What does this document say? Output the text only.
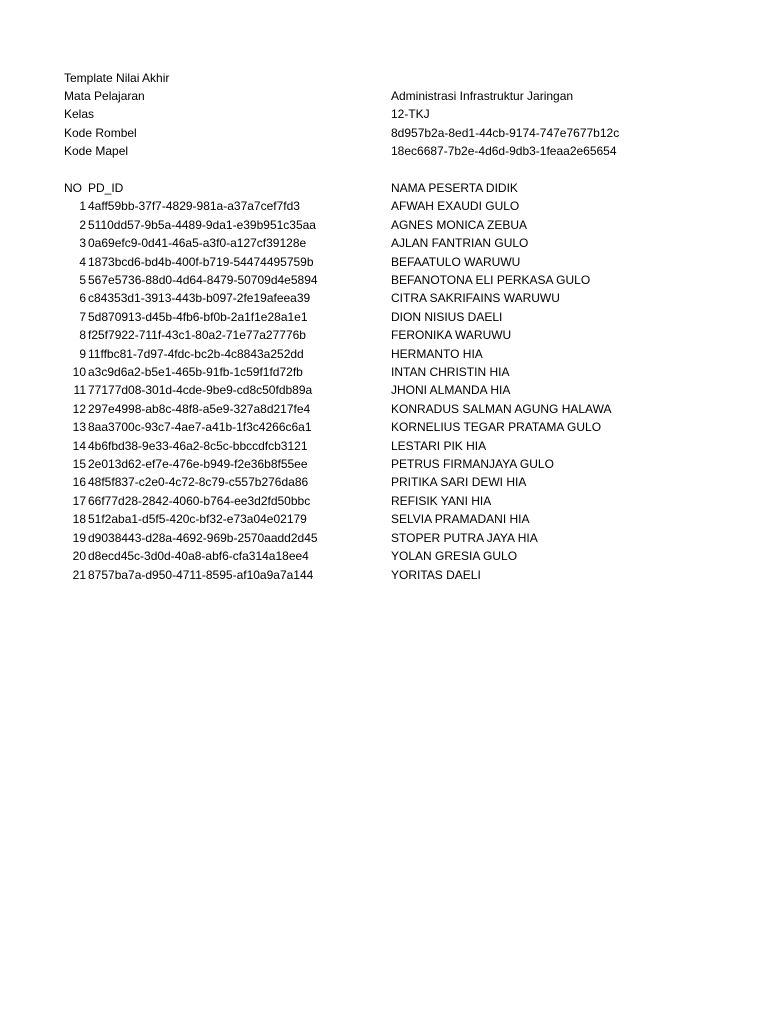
Template Nilai Akhir
Mata Pelajaran	Administrasi Infrastruktur Jaringan
Kelas	12-TKJ
Kode Rombel	8d957b2a-8ed1-44cb-9174-747e7677b12c
Kode Mapel	18ec6687-7b2e-4d6d-9db3-1feaa2e65654
NO PD_ID	NAMA PESERTA DIDIK
1 4aff59bb-37f7-4829-981a-a37a7cef7fd3	AFWAH EXAUDI GULO
2 5110dd57-9b5a-4489-9da1-e39b951c35aa	AGNES MONICA ZEBUA
3 0a69efc9-0d41-46a5-a3f0-a127cf39128e	AJLAN FANTRIAN GULO
4 1873bcd6-bd4b-400f-b719-54474495759b	BEFAATULO WARUWU
5 567e5736-88d0-4d64-8479-50709d4e5894	BEFANOTONA ELI PERKASA GULO
6 c84353d1-3913-443b-b097-2fe19afeea39	CITRA SAKRIFAINS WARUWU
7 5d870913-d45b-4fb6-bf0b-2a1f1e28a1e1	DION NISIUS DAELI
8 f25f7922-711f-43c1-80a2-71e77a27776b	FERONIKA WARUWU
9 11ffbc81-7d97-4fdc-bc2b-4c8843a252dd	HERMANTO HIA
10 a3c9d6a2-b5e1-465b-91fb-1c59f1fd72fb	INTAN CHRISTIN HIA
11 77177d08-301d-4cde-9be9-cd8c50fdb89a	JHONI ALMANDA HIA
12 297e4998-ab8c-48f8-a5e9-327a8d217fe4	KONRADUS SALMAN AGUNG HALAWA
13 8aa3700c-93c7-4ae7-a41b-1f3c4266c6a1	KORNELIUS TEGAR PRATAMA GULO
14 4b6fbd38-9e33-46a2-8c5c-bbccdfcb3121	LESTARI PIK HIA
15 2e013d62-ef7e-476e-b949-f2e36b8f55ee	PETRUS FIRMANJAYA GULO
16 48f5f837-c2e0-4c72-8c79-c557b276da86	PRITIKA SARI DEWI HIA
17 66f77d28-2842-4060-b764-ee3d2fd50bbc	REFISIK YANI HIA
18 51f2aba1-d5f5-420c-bf32-e73a04e02179	SELVIA PRAMADANI HIA
19 d9038443-d28a-4692-969b-2570aadd2d45	STOPER PUTRA JAYA HIA
20 d8ecd45c-3d0d-40a8-abf6-cfa314a18ee4	YOLAN GRESIA GULO
21 8757ba7a-d950-4711-8595-af10a9a7a144	YORITAS DAELI
